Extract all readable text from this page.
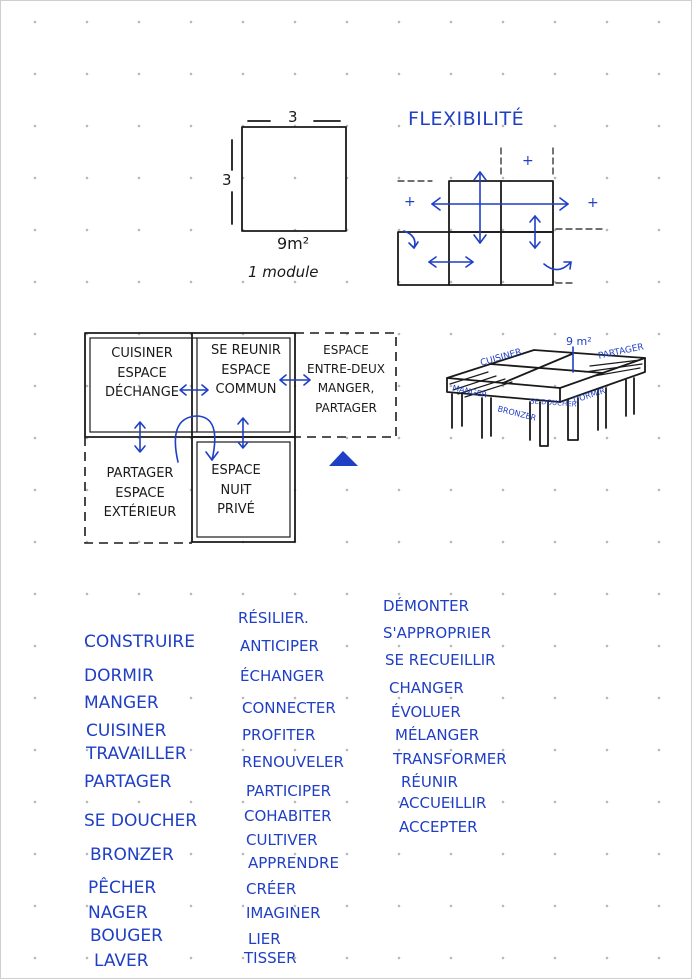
3
3
9m²
1 module
FLEXIBILITÉ
+
+	+
CUISINER
ESPACE
DÉCHANGE
SE REUNIR
ESPACE
COMMUN
ESPACE
ENTRE-DEUX
MANGER,
PARTAGER
PARTAGER
ESPACE
EXTÉRIEUR
ESPACE
NUIT
PRIVÉ
9 m²
CUISINER	PARTAGER
MANGER
SE DOUCHER
DORMIR
BRONZER
CONSTRUIRE
DORMIR
MANGER
CUISINER
TRAVAILLER
PARTAGER
SE DOUCHER
BRONZER
PÊCHER
NAGER
BOUGER
LAVER
RÉSILIER.
ANTICIPER
ÉCHANGER
CONNECTER
PROFITER
RENOUVELER
PARTICIPER
COHABITER
CULTIVER
APPRENDRE
CRÉER
IMAGINER
LIER
TISSER
DÉMONTER
S'APPROPRIER
SE RECUEILLIR
CHANGER
ÉVOLUER
MÉLANGER
TRANSFORMER
RÉUNIR
ACCUEILLIR
ACCEPTER
